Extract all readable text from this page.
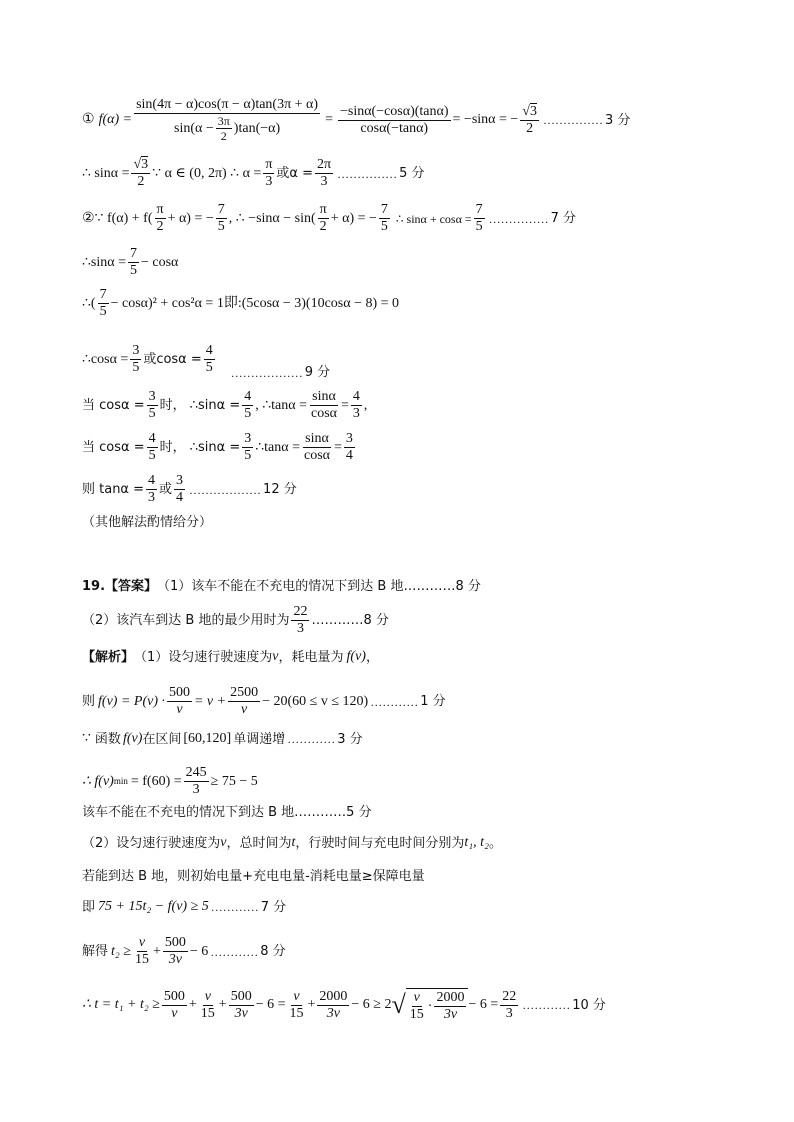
① $f(\alpha) = \frac{\sin(4\pi - \alpha)\cos(\pi - \alpha)\tan(3\pi + \alpha)}{\sin(\alpha - \frac{3\pi}{2} )\tan(-\alpha)} = \frac{-\sin\alpha(-\cos\alpha)(\tan\alpha)}{\cos\alpha(-\tan\alpha)} = -\sin\alpha$ = − $\frac{√3}{2}$ …………… 3 分
∴ $\sin\alpha = \frac{√3}{2}$ ∵ α ∈ (0, 2π) ∴ $\alpha = \frac{\pi}{3}$ 或$\alpha = \frac{2\pi}{3}$ …………… 5 分
②∵ $f(\alpha) + f( \frac{\pi}{2} + \alpha)$ = − $\frac{7}{5}$ , ∴ $-\sin\alpha - \sin( \frac{\pi}{2} + \alpha)$ = − $\frac{7}{5}$ ∴ $\sin\alpha + \cos\alpha = \frac{7}{5}$ …………… 7 分
∴sinα = $\frac{7}{5} - \cos\alpha$
∴( $\frac{7}{5} - \cos\alpha)^2 + \cos^2\alpha = 1$即:(5cosα − 3)(10cosα − 8) = 0
∴cosα = $\frac{3}{5}$ 或$\cos\alpha = \frac{4}{5}$ ……………… 9 分
当 $\cos\alpha = \frac{3}{5}$ 时， ∴sinα = $\frac{4}{5}$ , ∴tanα = $\frac{\sin\alpha}{\cos\alpha} = \frac{4}{3}$ ,
当 $\cos\alpha = \frac{4}{5}$ 时， ∴sinα = $\frac{3}{5}$ ∴tanα = $\frac{\sin\alpha}{\cos\alpha} = \frac{3}{4}$
则 $\tan\alpha = \frac{4}{3}$ 或 $\frac{3}{4}$ ……………… 12 分
（其他解法酌情给分）
19.【答案】 （1）该车不能在不充电的情况下到达 B 地…………8 分
（2）该汽车到达 B 地的最少用时为 $\frac{22}{3}$ …………8 分
【解析】 （1）设匀速行驶速度为 v ，耗电量为 f(v) ，
则 $f(v) = P(v) \cdot \frac{500}{v} = v + \frac{2500}{v} - 20(60 \le v \le 120)$ ………… 1 分
∵ 函数 f(v) 在区间 [60,120] 单调递增 ………… 3 分
∴ f(v) $\min = f(60) = \frac{245}{3} \ge 75 - 5$
该车不能在不充电的情况下到达 B 地…………5 分
（2）设匀速行驶速度为 v ，总时间为 t ，行驶时间与充电时间分别为 t₁, t₂ 。
若能到达 B 地，则初始电量+充电电量-消耗电量≥保障电量
即 75 + 15t₂ − f(v) ≥ 5 ………… 7 分
解得 $t_2 \ge \frac{v}{15} + \frac{500}{3v} - 6$ ………… 8 分
∴ $t = t_1 + t_2 \ge \frac{500}{v} + \frac{v}{15} + \frac{500}{3v} - 6 = \frac{v}{15} + \frac{2000}{3v} - 6 \ge 2$ √ $\frac{v}{15} \cdot \frac{2000}{3v} - 6 = \frac{22}{3}$ ………… 10 分
